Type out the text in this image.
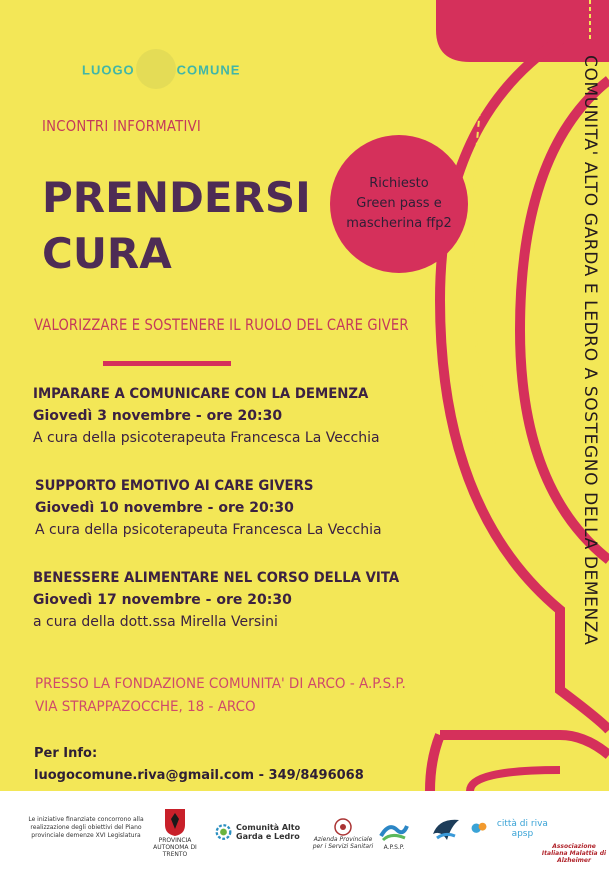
LUOGO	COMUNE
INCONTRI INFORMATIVI
PRENDERSI
CURA
Richiesto
Green pass e
mascherina ffp2
VALORIZZARE E SOSTENERE IL RUOLO DEL CARE GIVER
IMPARARE A COMUNICARE CON LA DEMENZA
Giovedì 3 novembre - ore 20:30
A cura della psicoterapeuta Francesca La Vecchia
SUPPORTO EMOTIVO AI CARE GIVERS
Giovedì 10 novembre - ore 20:30
A cura della psicoterapeuta Francesca La Vecchia
BENESSERE ALIMENTARE NEL CORSO DELLA VITA
Giovedì 17 novembre - ore 20:30
a cura della dott.ssa Mirella Versini
PRESSO LA FONDAZIONE COMUNITA' DI ARCO - A.P.S.P.
VIA STRAPPAZOCCHE, 18 - ARCO
Per Info:
luogocomune.riva@gmail.com - 349/8496068
COMUNITA' ALTO GARDA E LEDRO A SOSTEGNO DELLA DEMENZA
Le iniziative finanziate concorrono alla realizzazione degli obiettivi del Piano provinciale demenze XVI Legislatura
PROVINCIA AUTONOMA DI TRENTO
Comunità Alto Garda e Ledro	Azienda Provinciale per i Servizi Sanitari A.P.S.P.
città di riva apsp
Associazione Italiana Malattia di Alzheimer
